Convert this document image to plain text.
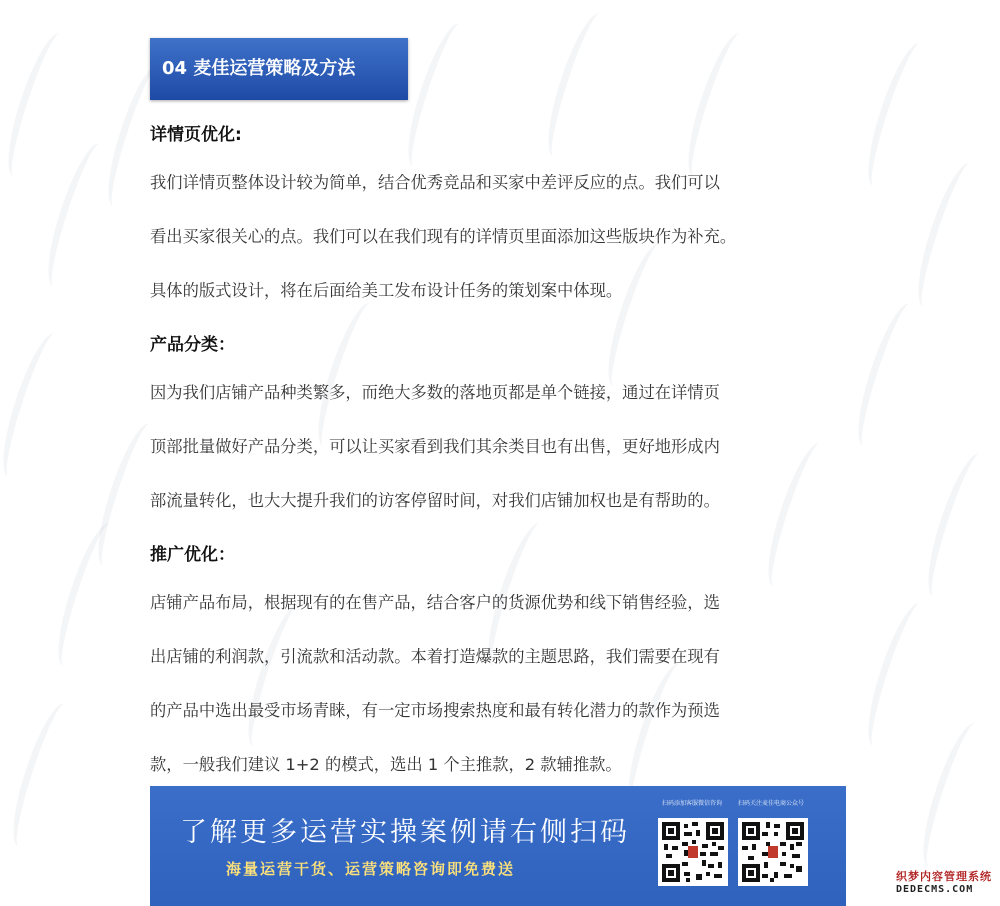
04 麦佳运营策略及方法
详情页优化:
我们详情页整体设计较为简单，结合优秀竞品和买家中差评反应的点。我们可以
看出买家很关心的点。我们可以在我们现有的详情页里面添加这些版块作为补充。
具体的版式设计，将在后面给美工发布设计任务的策划案中体现。
产品分类：
因为我们店铺产品种类繁多，而绝大多数的落地页都是单个链接，通过在详情页
顶部批量做好产品分类，可以让买家看到我们其余类目也有出售，更好地形成内
部流量转化，也大大提升我们的访客停留时间，对我们店铺加权也是有帮助的。
推广优化：
店铺产品布局，根据现有的在售产品，结合客户的货源优势和线下销售经验，选
出店铺的利润款，引流款和活动款。本着打造爆款的主题思路，我们需要在现有
的产品中选出最受市场青睐，有一定市场搜索热度和最有转化潜力的款作为预选
款，一般我们建议 1+2 的模式，选出 1 个主推款，2 款辅推款。
了解更多运营实操案例请右侧扫码
海量运营干货、运营策略咨询即免费送
扫码添加客服微信咨询	扫码关注麦佳电商公众号
织梦内容管理系统
DEDECMS.COM
